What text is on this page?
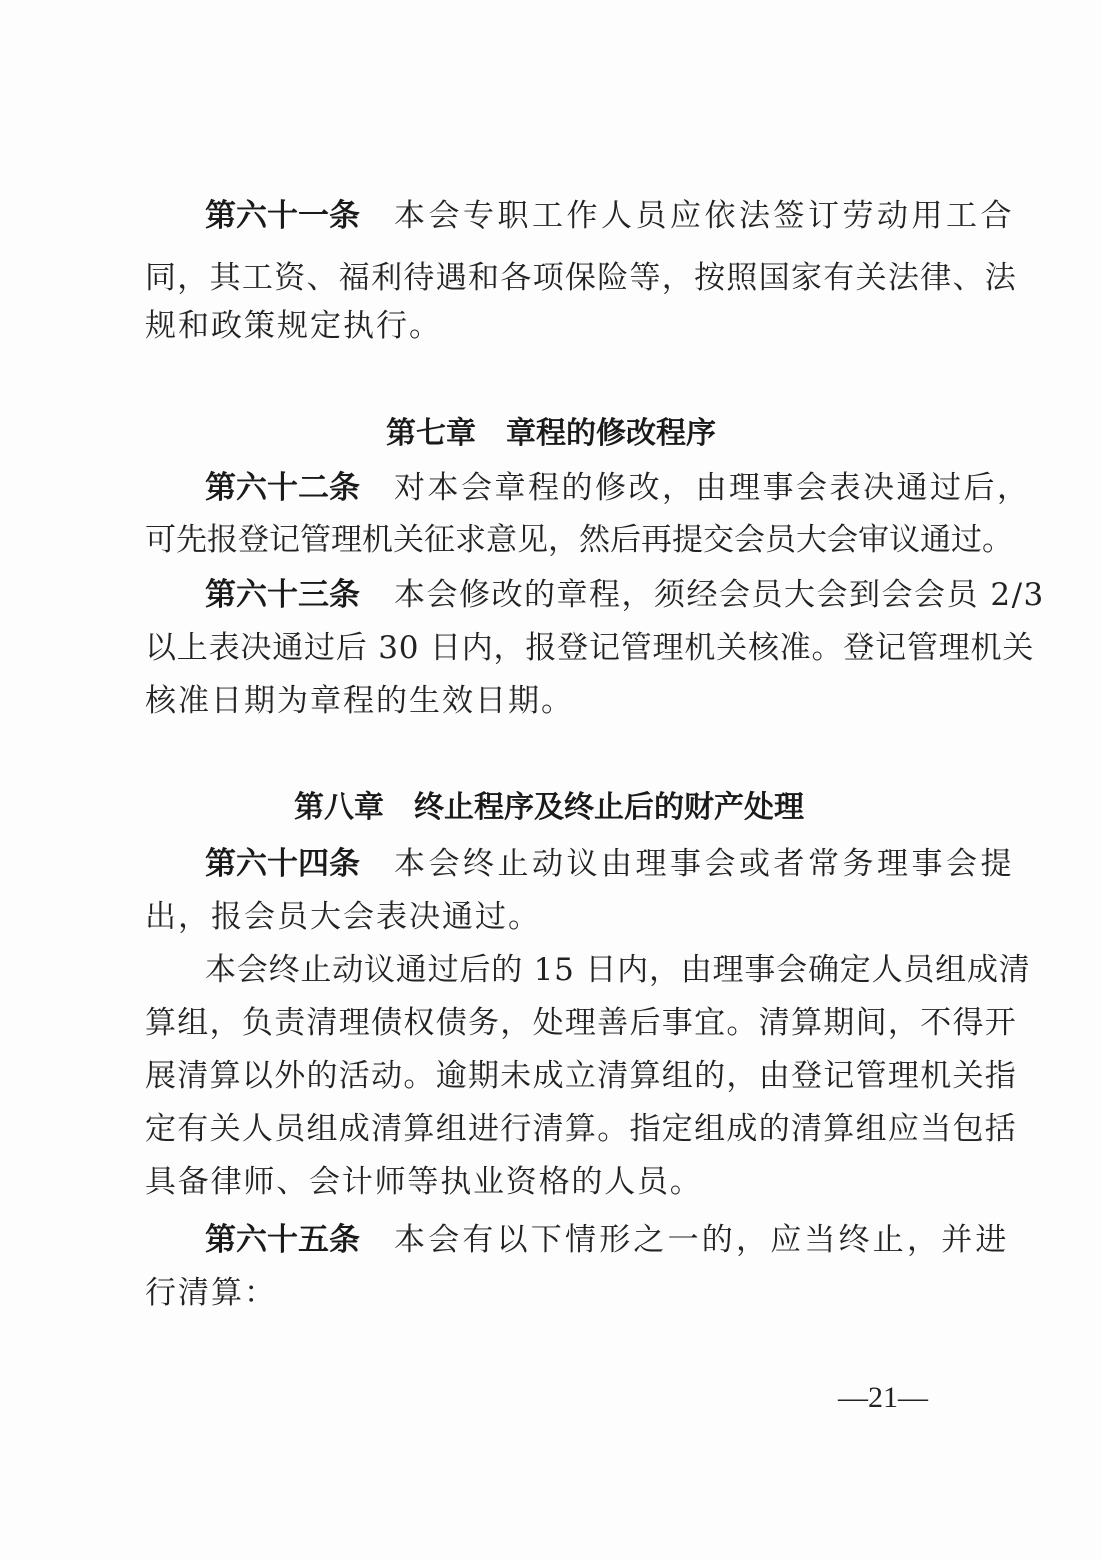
第六十一条 本会专职工作人员应依法签订劳动用工合
同，其工资、福利待遇和各项保险等，按照国家有关法律、法
规和政策规定执行。
第七章 章程的修改程序
第六十二条 对本会章程的修改，由理事会表决通过后，
可先报登记管理机关征求意见，然后再提交会员大会审议通过。
第六十三条 本会修改的章程，须经会员大会到会会员 2/3
以上表决通过后 30 日内，报登记管理机关核准。登记管理机关
核准日期为章程的生效日期。
第八章 终止程序及终止后的财产处理
第六十四条 本会终止动议由理事会或者常务理事会提
出，报会员大会表决通过。
本会终止动议通过后的 15 日内，由理事会确定人员组成清
算组，负责清理债权债务，处理善后事宜。清算期间，不得开
展清算以外的活动。逾期未成立清算组的，由登记管理机关指
定有关人员组成清算组进行清算。指定组成的清算组应当包括
具备律师、会计师等执业资格的人员。
第六十五条 本会有以下情形之一的，应当终止，并进
行清算：
—21—
